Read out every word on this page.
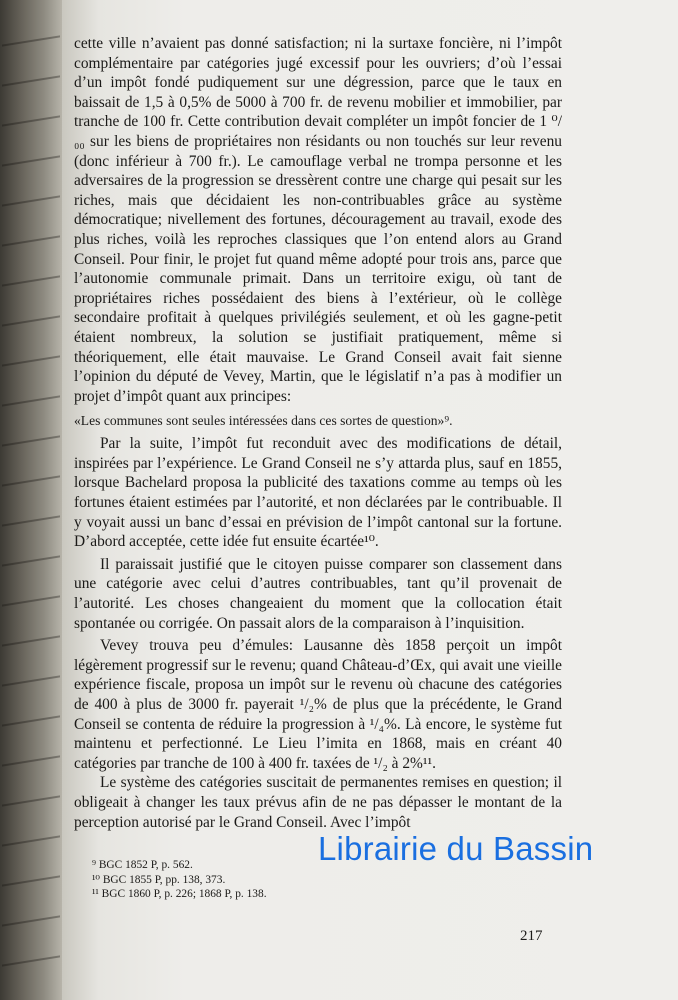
cette ville n’avaient pas donné satisfaction; ni la surtaxe foncière, ni l’impôt complémentaire par catégories jugé excessif pour les ouvriers; d’où l’essai d’un impôt fondé pudiquement sur une dégression, parce que le taux en baissait de 1,5 à 0,5% de 5000 à 700 fr. de revenu mobilier et immobilier, par tranche de 100 fr. Cette contribution devait compléter un impôt foncier de 1 ⁰/₀₀ sur les biens de propriétaires non résidants ou non touchés sur leur revenu (donc inférieur à 700 fr.). Le camouflage verbal ne trompa personne et les adversaires de la progression se dressèrent contre une charge qui pesait sur les riches, mais que décidaient les non-contribuables grâce au système démocratique; nivellement des fortunes, découragement au travail, exode des plus riches, voilà les reproches classiques que l’on entend alors au Grand Conseil. Pour finir, le projet fut quand même adopté pour trois ans, parce que l’autonomie communale primait. Dans un territoire exigu, où tant de propriétaires riches possédaient des biens à l’extérieur, où le collège secondaire profitait à quelques privilégiés seulement, et où les gagne-petit étaient nombreux, la solution se justifiait pratiquement, même si théoriquement, elle était mauvaise. Le Grand Conseil avait fait sienne l’opinion du député de Vevey, Martin, que le législatif n’a pas à modifier un projet d’impôt quant aux principes:

«Les communes sont seules intéressées dans ces sortes de question»⁹.

Par la suite, l’impôt fut reconduit avec des modifications de détail, inspirées par l’expérience. Le Grand Conseil ne s’y attarda plus, sauf en 1855, lorsque Bachelard proposa la publicité des taxations comme au temps où les fortunes étaient estimées par l’autorité, et non déclarées par le contribuable. Il y voyait aussi un banc d’essai en prévision de l’impôt cantonal sur la fortune. D’abord acceptée, cette idée fut ensuite écartée¹⁰.

Il paraissait justifié que le citoyen puisse comparer son classement dans une catégorie avec celui d’autres contribuables, tant qu’il provenait de l’autorité. Les choses changeaient du moment que la collocation était spontanée ou corrigée. On passait alors de la comparaison à l’inquisition.

Vevey trouva peu d’émules: Lausanne dès 1858 perçoit un impôt légèrement progressif sur le revenu; quand Château-d’Œx, qui avait une vieille expérience fiscale, proposa un impôt sur le revenu où chacune des catégories de 400 à plus de 3000 fr. payerait ¹/₂% de plus que la précédente, le Grand Conseil se contenta de réduire la progression à ¹/₄%. Là encore, le système fut maintenu et perfectionné. Le Lieu l’imita en 1868, mais en créant 40 catégories par tranche de 100 à 400 fr. taxées de ¹/₂ à 2%¹¹.

Le système des catégories suscitait de permanentes remises en question; il obligeait à changer les taux prévus afin de ne pas dépasser le montant de la perception autorisé par le Grand Conseil. Avec l’impôt

Librairie du Bassin
⁹ BGC 1852 P, p. 562.
¹⁰ BGC 1855 P, pp. 138, 373.
¹¹ BGC 1860 P, p. 226; 1868 P, p. 138.
217
